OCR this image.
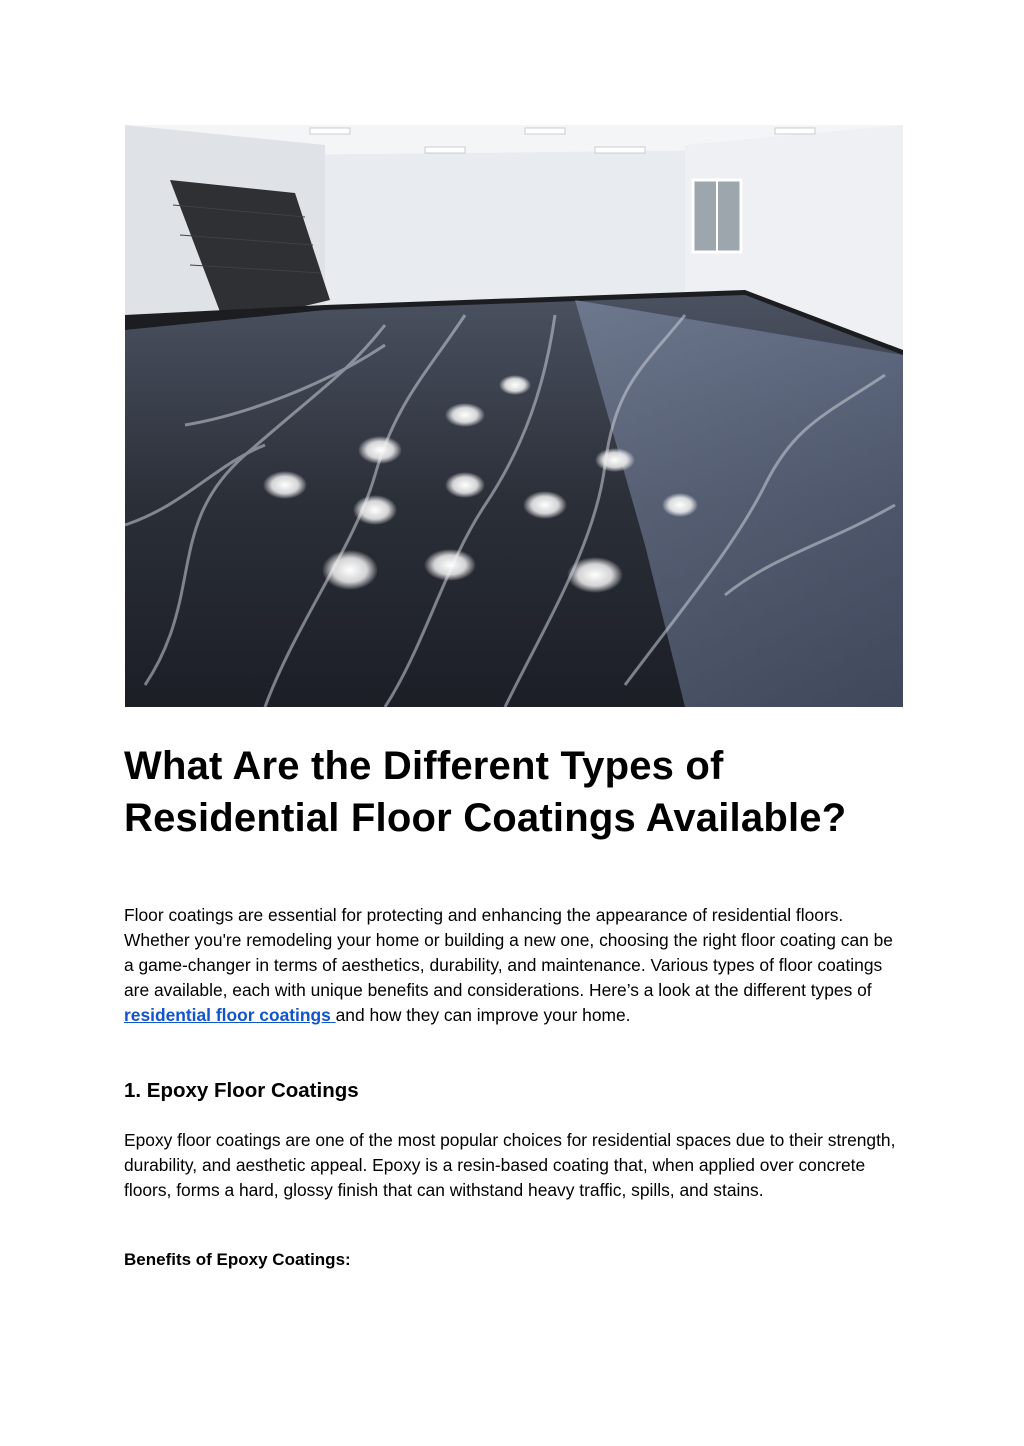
What Are the Different Types of
Residential Floor Coatings Available?

Floor coatings are essential for protecting and enhancing the appearance of residential floors. Whether you're remodeling your home or building a new one, choosing the right floor coating can be a game-changer in terms of aesthetics, durability, and maintenance. Various types of floor coatings are available, each with unique benefits and considerations. Here’s a look at the different types of residential floor coatings and how they can improve your home.

1. Epoxy Floor Coatings

Epoxy floor coatings are one of the most popular choices for residential spaces due to their strength, durability, and aesthetic appeal. Epoxy is a resin-based coating that, when applied over concrete floors, forms a hard, glossy finish that can withstand heavy traffic, spills, and stains.

Benefits of Epoxy Coatings:
